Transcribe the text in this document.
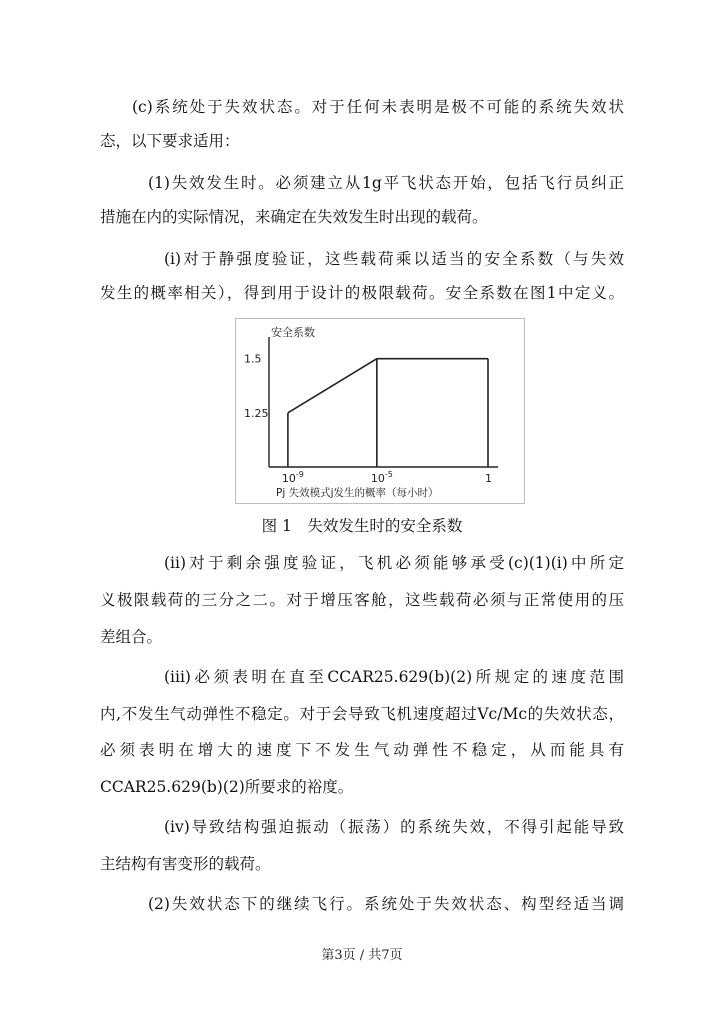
(c)系统处于失效状态。对于任何未表明是极不可能的系统失效状
态，以下要求适用：
(1)失效发生时。必须建立从1g平飞状态开始，包括飞行员纠正
措施在内的实际情况，来确定在失效发生时出现的载荷。
(i)对于静强度验证，这些载荷乘以适当的安全系数（与失效
发生的概率相关），得到用于设计的极限载荷。安全系数在图1中定义。
安全系数
1.5
1.25
$10^{-9}$	$10^{-5}$	1
Pj 失效模式j发生的概率（每小时）
图 1　失效发生时的安全系数
(ii)对于剩余强度验证，飞机必须能够承受(c)(1)(i)中所定
义极限载荷的三分之二。对于增压客舱，这些载荷必须与正常使用的压
差组合。
(iii)必须表明在直至CCAR25.629(b)(2)所规定的速度范围
内,不发生气动弹性不稳定。对于会导致飞机速度超过Vc/Mc的失效状态，
必须表明在增大的速度下不发生气动弹性不稳定，从而能具有
CCAR25.629(b)(2)所要求的裕度。
(iv)导致结构强迫振动（振荡）的系统失效，不得引起能导致
主结构有害变形的载荷。
(2)失效状态下的继续飞行。系统处于失效状态、构型经适当调
第3页 / 共7页
